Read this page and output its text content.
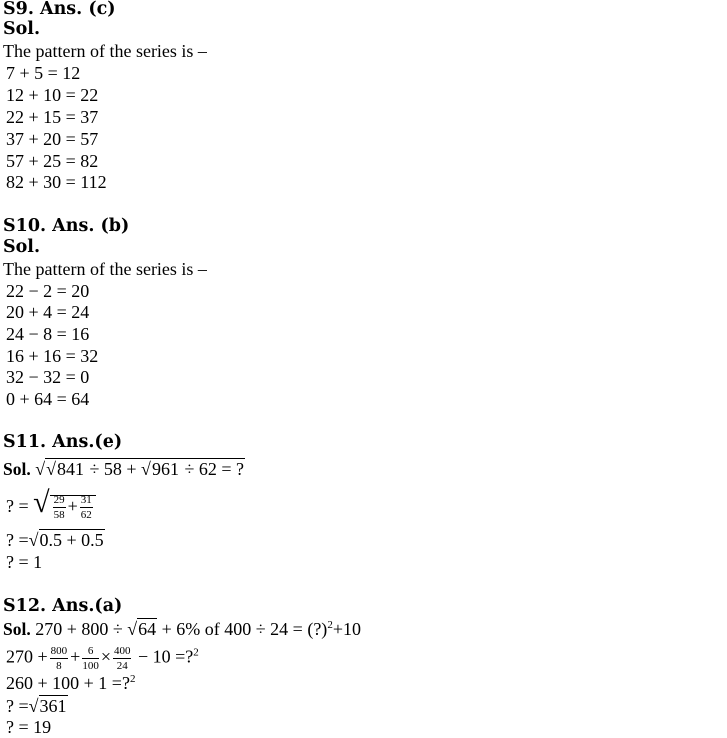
S9. Ans. (c)
Sol.
The pattern of the series is –
7 + 5 = 12
12 + 10 = 22
22 + 15 = 37
37 + 20 = 57
57 + 25 = 82
82 + 30 = 112
S10. Ans. (b)
Sol.
The pattern of the series is –
22 − 2 = 20
20 + 4 = 24
24 − 8 = 16
16 + 16 = 32
32 − 32 = 0
0 + 64 = 64
S11. Ans.(e)
Sol. √√841 ÷ 58 + √961 ÷ 62 = ?
? = √ $\frac{29}{58} + \frac{31}{62}$
? =√0.5 + 0.5
? = 1
S12. Ans.(a)
Sol. 270 + 800 ÷ √64 + 6% of 400 ÷ 24 = (?)$^2$+10
$270 + \frac{800}{8} + \frac{6}{100} \times \frac{400}{24} - 10$ =?$^2$
260 + 100 + 1 =?$^2$
? =√361
? = 19
